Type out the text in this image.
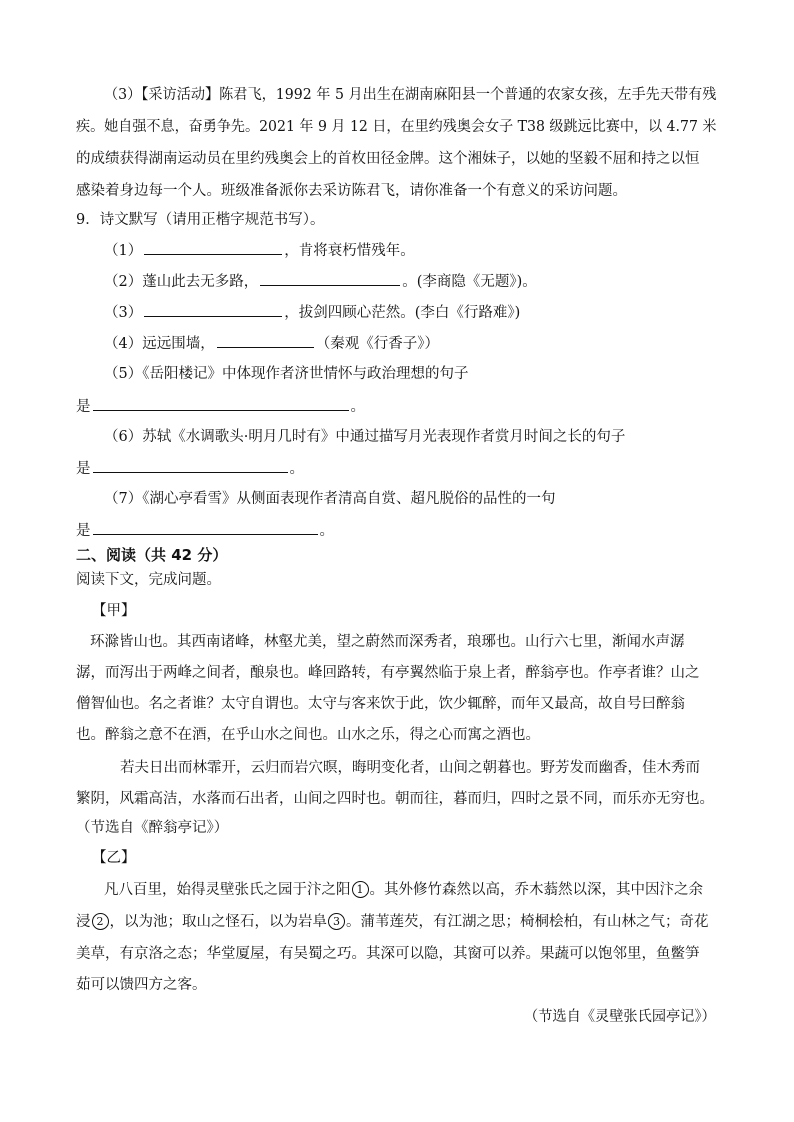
（3）【采访活动】陈君飞，1992 年 5 月出生在湖南麻阳县一个普通的农家女孩，左手先天带有残
疾。她自强不息，奋勇争先。2021 年 9 月 12 日，在里约残奥会女子 T38 级跳远比赛中，以 4.77 米
的成绩获得湖南运动员在里约残奥会上的首枚田径金牌。这个湘妹子，以她的坚毅不屈和持之以恒
感染着身边每一个人。班级准备派你去采访陈君飞，请你准备一个有意义的采访问题。
9．诗文默写（请用正楷字规范书写）。
（1）	，肯将衰朽惜残年。
（2）蓬山此去无多路，	。(李商隐《无题》)。
（3）	，拔剑四顾心茫然。(李白《行路难》)
（4）远远围墙，	（秦观《行香子》）
（5）《岳阳楼记》中体现作者济世情怀与政治理想的句子
是	。
（6）苏轼《水调歌头·明月几时有》中通过描写月光表现作者赏月时间之长的句子
是	。
（7）《湖心亭看雪》从侧面表现作者清高自赏、超凡脱俗的品性的一句
是	。
二、阅读（共 42 分）
阅读下文，完成问题。
【甲】
环滁皆山也。其西南诸峰，林壑尤美，望之蔚然而深秀者，琅琊也。山行六七里，渐闻水声潺
潺，而泻出于两峰之间者，酿泉也。峰回路转，有亭翼然临于泉上者，醉翁亭也。作亭者谁？山之
僧智仙也。名之者谁？太守自谓也。太守与客来饮于此，饮少辄醉，而年又最高，故自号曰醉翁
也。醉翁之意不在酒，在乎山水之间也。山水之乐，得之心而寓之酒也。
若夫日出而林霏开，云归而岩穴暝，晦明变化者，山间之朝暮也。野芳发而幽香，佳木秀而
繁阴，风霜高洁，水落而石出者，山间之四时也。朝而往，暮而归，四时之景不同，而乐亦无穷也。
（节选自《醉翁亭记》）
【乙】
凡八百里，始得灵壁张氏之园于汴之阳 1 。其外修竹森然以高，乔木蓊然以深，其中因汴之余
浸 2 ，以为池；取山之怪石，以为岩阜 3 。蒲苇莲芡，有江湖之思；椅桐桧柏，有山林之气；奇花
美草，有京洛之态；华堂厦屋，有吴蜀之巧。其深可以隐，其窗可以养。果蔬可以饱邻里，鱼鳖笋
茹可以馈四方之客。
（节选自《灵壁张氏园亭记》）
